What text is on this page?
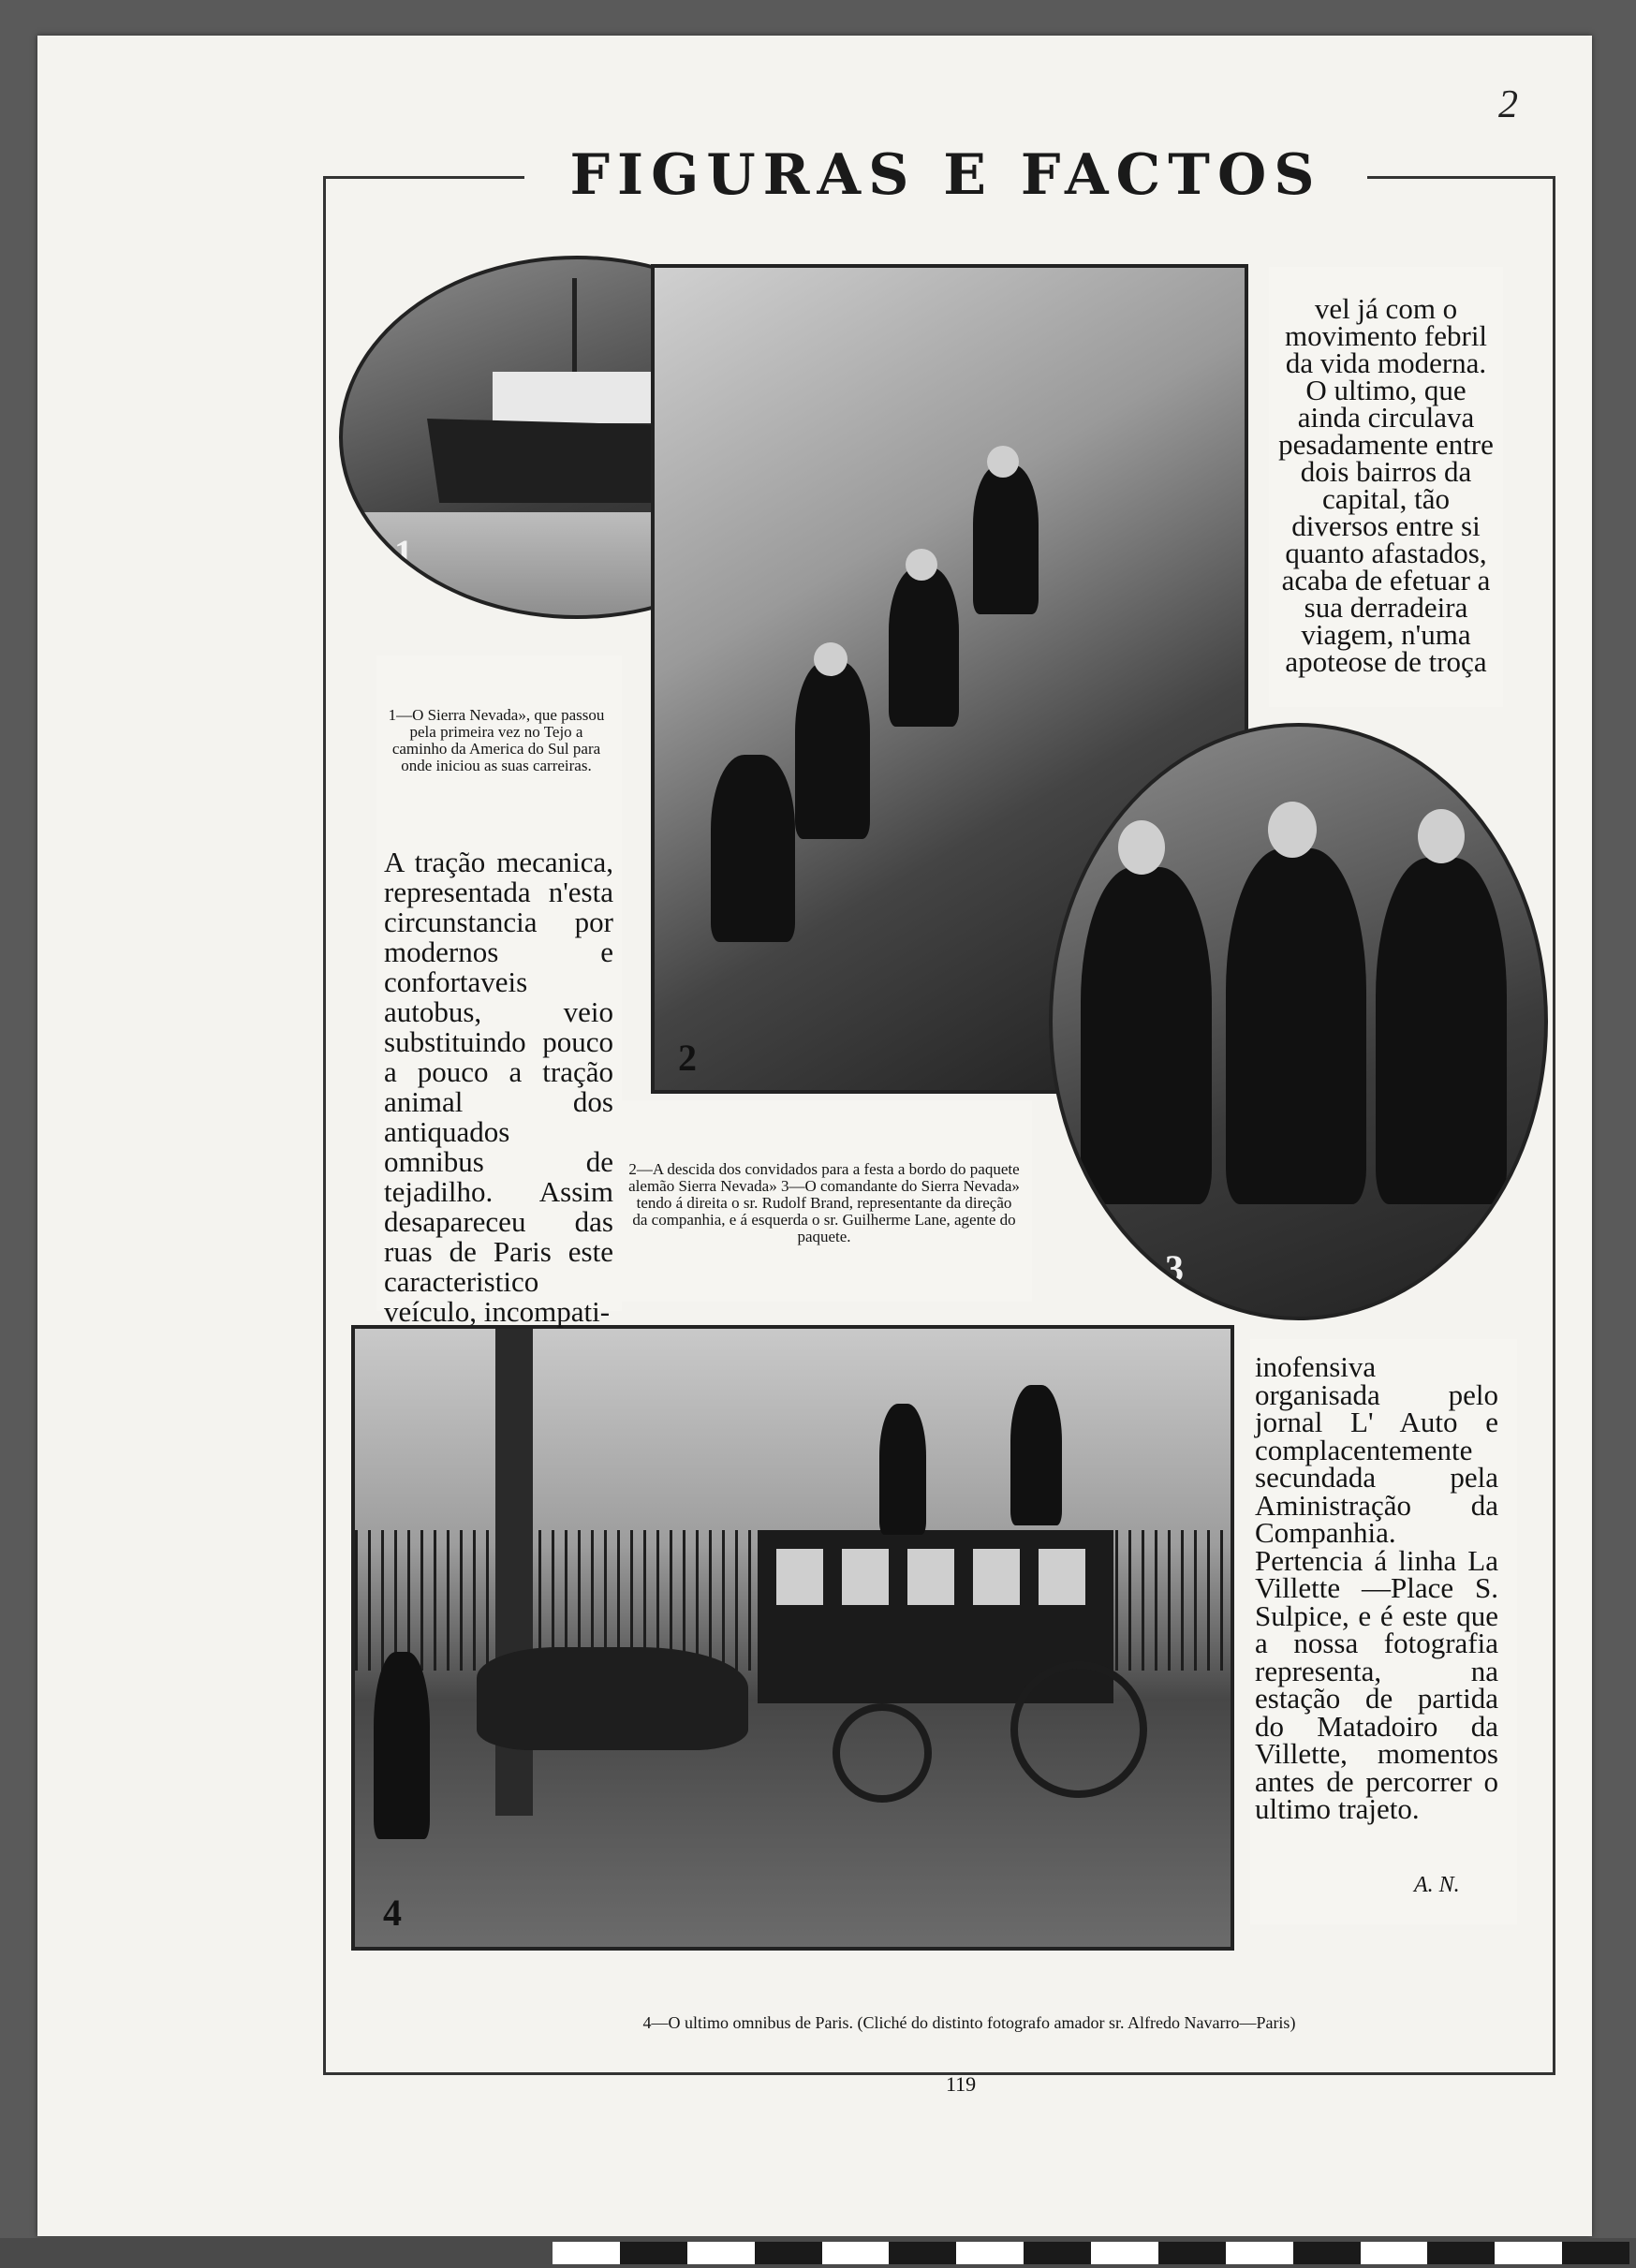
2
FIGURAS E FACTOS
1
2
3
4
1—O Sierra Nevada», que passou pela primeira vez no Tejo a caminho da America do Sul para onde iniciou as suas carreiras.
A tração mecanica, representada n'esta circunstancia por modernos e confortaveis autobus, veio substituindo pouco a pouco a tração animal dos antiquados omnibus de tejadilho. Assim desapareceu das ruas de Paris este caracteristico veículo, incompati-
2—A descida dos convidados para a festa a bordo do paquete alemão Sierra Nevada» 3—O comandante do Sierra Nevada» tendo á direita o sr. Rudolf Brand, representante da direção da companhia, e á esquerda o sr. Guilherme Lane, agente do paquete.
vel já com o movimento febril da vida moderna. O ultimo, que ainda circulava pesadamente entre dois bairros da capital, tão diversos entre si quanto afastados, acaba de efetuar a sua derradeira viagem, n'uma apoteose de troça
inofensiva organisada pelo jornal L' Auto e complacentemente secundada pela Aministração da Companhia. Pertencia á linha La Villette —Place S. Sulpice, e é este que a nossa fotografia representa, na estação de partida do Matadoiro da Villette, momentos antes de percorrer o ultimo trajeto.
A. N.
4—O ultimo omnibus de Paris. (Cliché do distinto fotografo amador sr. Alfredo Navarro—Paris)
119
